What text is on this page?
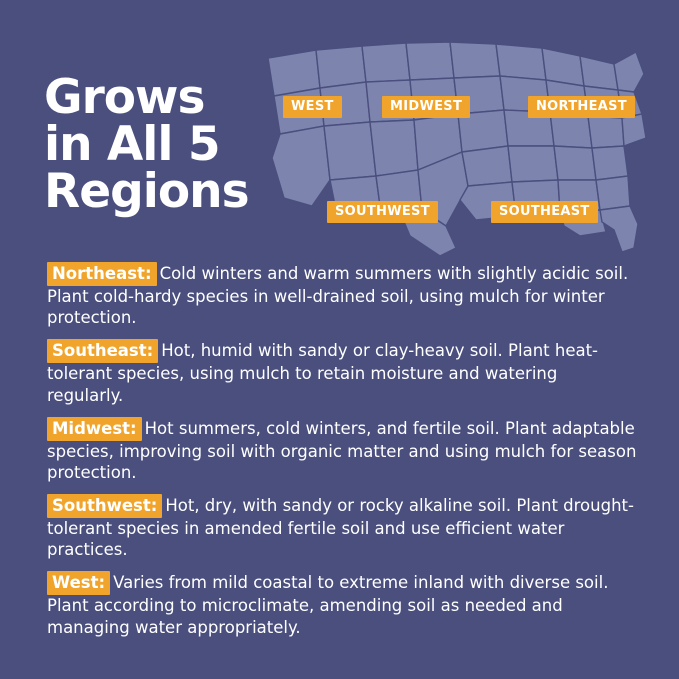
Grows
in All 5
Regions
WEST	MIDWEST	NORTHEAST
SOUTHWEST	SOUTHEAST

Northeast: Cold winters and warm summers with slightly acidic soil. Plant cold-hardy species in well-drained soil, using mulch for winter protection.

Southeast: Hot, humid with sandy or clay-heavy soil. Plant heat-tolerant species, using mulch to retain moisture and watering regularly.

Midwest: Hot summers, cold winters, and fertile soil. Plant adaptable species, improving soil with organic matter and using mulch for season protection.

Southwest: Hot, dry, with sandy or rocky alkaline soil. Plant drought-tolerant species in amended fertile soil and use efficient water practices.

West: Varies from mild coastal to extreme inland with diverse soil. Plant according to microclimate, amending soil as needed and managing water appropriately.
